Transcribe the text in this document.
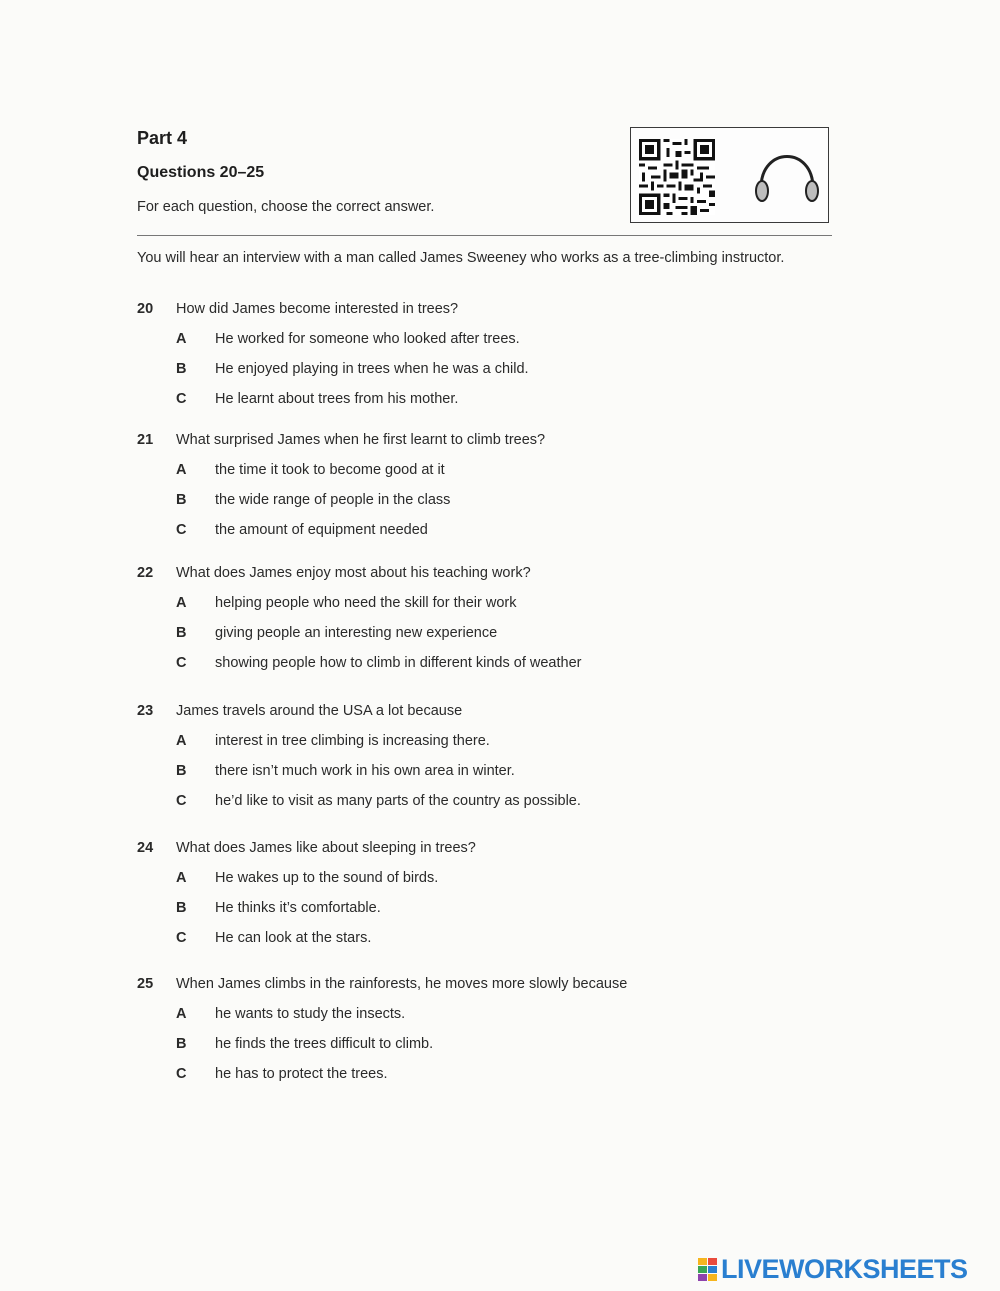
Part 4
Questions 20–25

For each question, choose the correct answer.

You will hear an interview with a man called James Sweeney who works as a tree-climbing instructor.

20	How did James become interested in trees?
A	He worked for someone who looked after trees.
B	He enjoyed playing in trees when he was a child.
C	He learnt about trees from his mother.
21	What surprised James when he first learnt to climb trees?
A	the time it took to become good at it
B	the wide range of people in the class
C	the amount of equipment needed
22	What does James enjoy most about his teaching work?
A	helping people who need the skill for their work
B	giving people an interesting new experience
C	showing people how to climb in different kinds of weather
23	James travels around the USA a lot because
A	interest in tree climbing is increasing there.
B	there isn’t much work in his own area in winter.
C	he’d like to visit as many parts of the country as possible.
24	What does James like about sleeping in trees?
A	He wakes up to the sound of birds.
B	He thinks it’s comfortable.
C	He can look at the stars.
25	When James climbs in the rainforests, he moves more slowly because
A	he wants to study the insects.
B	he finds the trees difficult to climb.
C	he has to protect the trees.
LIVEWORKSHEETS
